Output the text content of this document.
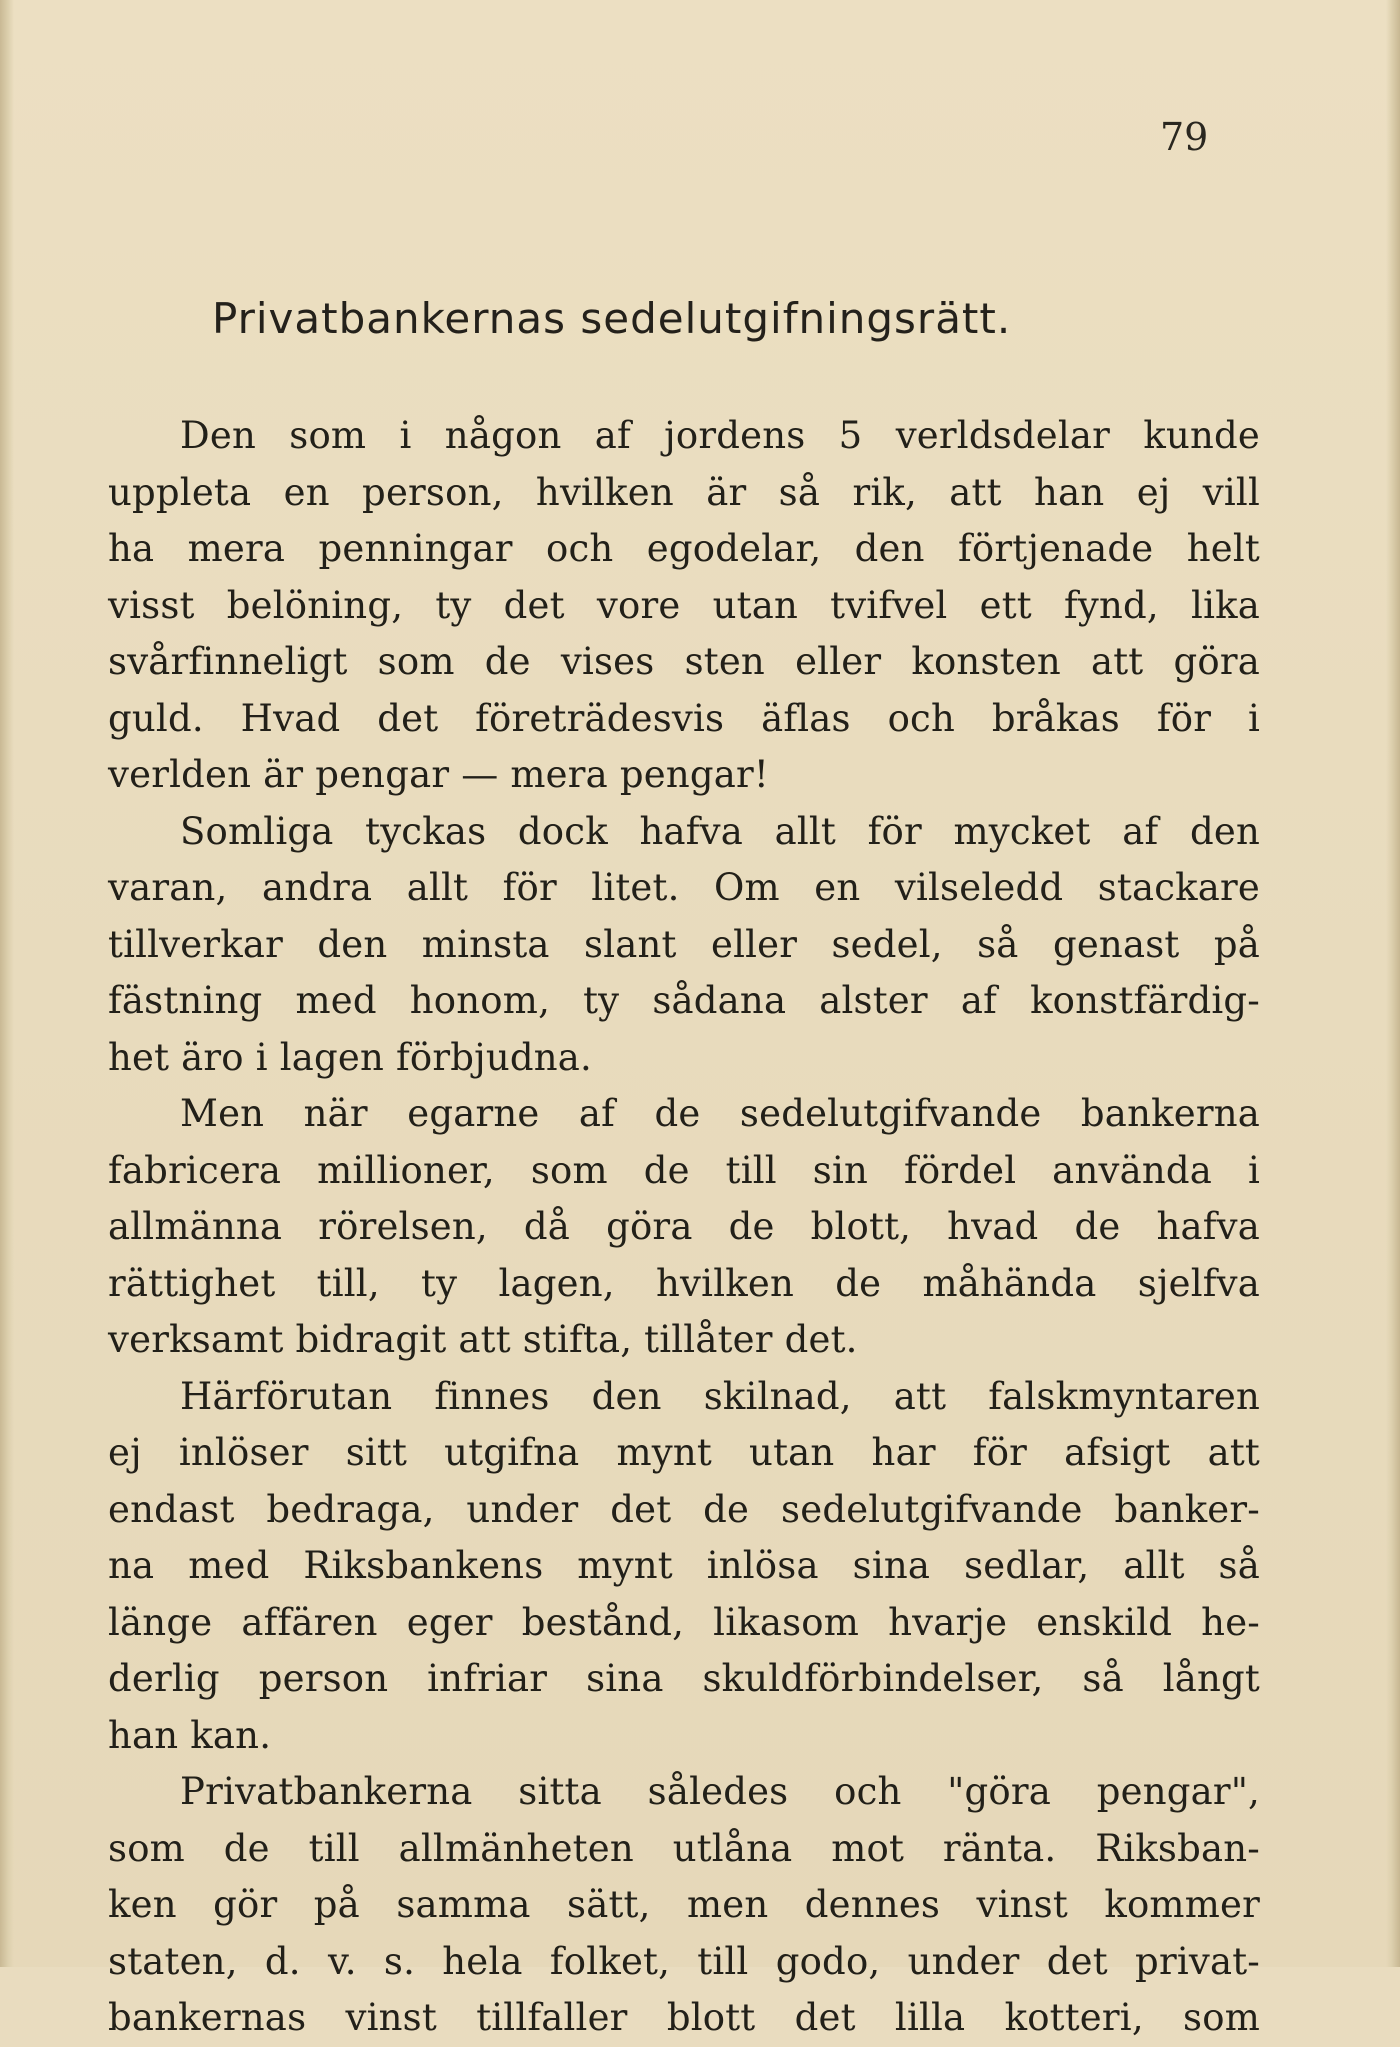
79
Privatbankernas sedelutgifningsrätt.
Den som i någon af jordens 5 verldsdelar kunde
uppleta en person, hvilken är så rik, att han ej vill
ha mera penningar och egodelar, den förtjenade helt
visst belöning, ty det vore utan tvifvel ett fynd, lika
svårfinneligt som de vises sten eller konsten att göra
guld. Hvad det företrädesvis äflas och bråkas för i
verlden är pengar — mera pengar!
Somliga tyckas dock hafva allt för mycket af den
varan, andra allt för litet. Om en vilseledd stackare
tillverkar den minsta slant eller sedel, så genast på
fästning med honom, ty sådana alster af konstfärdig-
het äro i lagen förbjudna.
Men när egarne af de sedelutgifvande bankerna
fabricera millioner, som de till sin fördel använda i
allmänna rörelsen, då göra de blott, hvad de hafva
rättighet till, ty lagen, hvilken de måhända sjelfva
verksamt bidragit att stifta, tillåter det.
Härförutan finnes den skilnad, att falskmyntaren
ej inlöser sitt utgifna mynt utan har för afsigt att
endast bedraga, under det de sedelutgifvande banker-
na med Riksbankens mynt inlösa sina sedlar, allt så
länge affären eger bestånd, likasom hvarje enskild he-
derlig person infriar sina skuldförbindelser, så långt
han kan.
Privatbankerna sitta således och "göra pengar",
som de till allmänheten utlåna mot ränta. Riksban-
ken gör på samma sätt, men dennes vinst kommer
staten, d. v. s. hela folket, till godo, under det privat-
bankernas vinst tillfaller blott det lilla kotteri, som
